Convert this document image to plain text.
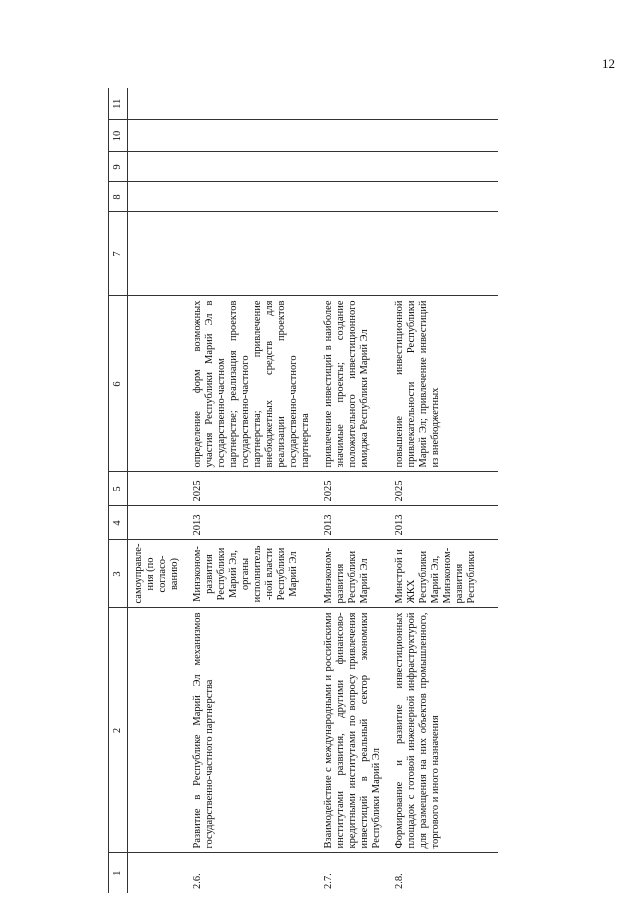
12
1	2	3	4	5	6	7	8	9	10	11
		самоуправле-ния (по согласо-ванию)								
2.6.	Развитие в Республике Марий Эл механизмов государственно-частного партнерства	Минэконом-развития Республики Марий Эл, органы исполнитель-ной власти Республики Марий Эл	2013	2025	определение форм возможных участия Республики Марий Эл в государственно-частном партнерстве; реализация проектов государственно-частного партнерства; привлечение внебюджетных средств для реализации проектов государственно-частного партнерства					
2.7.	Взаимодействие с международными и российскими институтами развития, другими финансово-кредитными институтами по вопросу привлечения инвестиций в реальный сектор экономики Республики Марий Эл	Минэконом-развития Республики Марий Эл	2013	2025	привлечение инвестиций в наиболее значимые проекты; создание положительного инвестиционного имиджа Республики Марий Эл					
2.8.	Формирование и развитие инвестиционных площадок с готовой инженерной инфраструктурой для размещения на них объектов промышленного, торгового и иного назначения	Минстрой и ЖКХ Республики Марий Эл, Минэконом-развития Республики	2013	2025	повышение инвестиционной привлекательности Республики Марий Эл; привлечение инвестиций из внебюджетных					
